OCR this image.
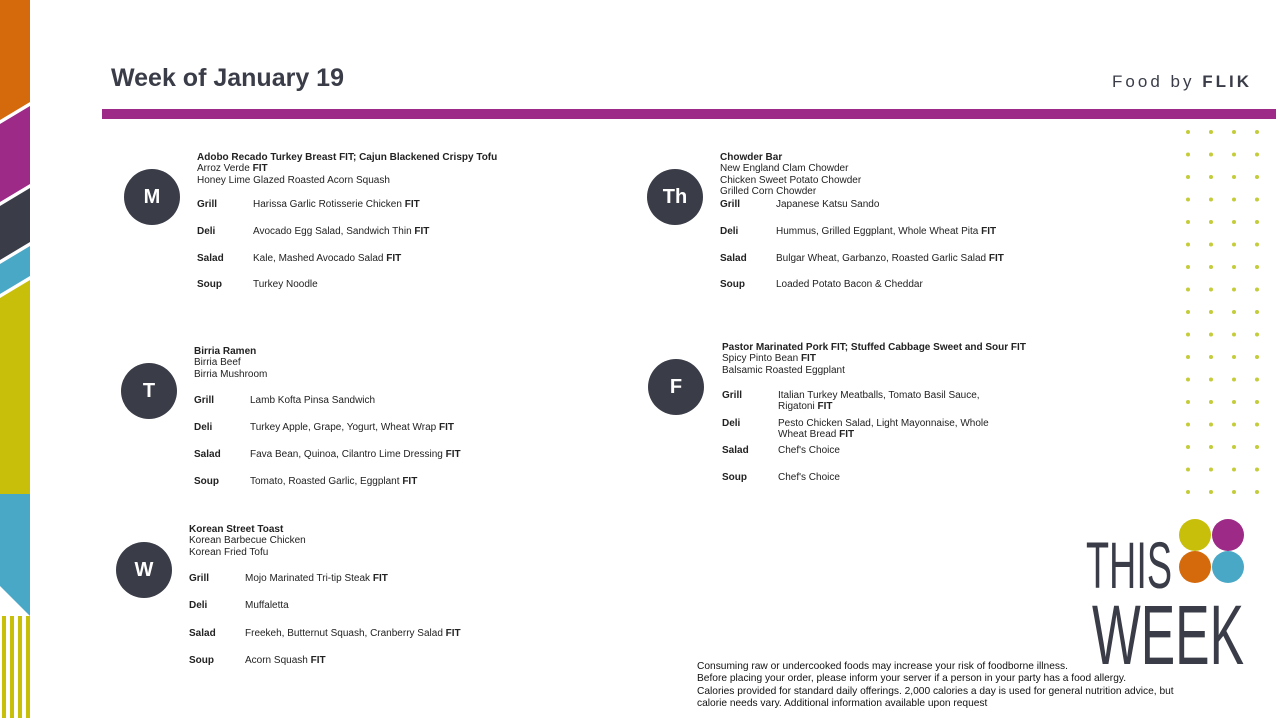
Week of January 19	Food by FLIK
M
Adobo Recado Turkey Breast FIT; Cajun Blackened Crispy Tofu
Arroz Verde FIT
Honey Lime Glazed Roasted Acorn Squash
Grill	Harissa Garlic Rotisserie Chicken FIT
Deli	Avocado Egg Salad, Sandwich Thin FIT
Salad	Kale, Mashed Avocado Salad FIT
Soup	Turkey Noodle
T
Birria Ramen
Birria Beef
Birria Mushroom
Grill	Lamb Kofta Pinsa Sandwich
Deli	Turkey Apple, Grape, Yogurt, Wheat Wrap FIT
Salad	Fava Bean, Quinoa, Cilantro Lime Dressing FIT
Soup	Tomato, Roasted Garlic, Eggplant FIT
W
Korean Street Toast
Korean Barbecue Chicken
Korean Fried Tofu
Grill	Mojo Marinated Tri-tip Steak FIT
Deli	Muffaletta
Salad	Freekeh, Butternut Squash, Cranberry Salad FIT
Soup	Acorn Squash FIT
Th
Chowder Bar
New England Clam Chowder
Chicken Sweet Potato Chowder
Grilled Corn Chowder
Grill	Japanese Katsu Sando
Deli	Hummus, Grilled Eggplant, Whole Wheat Pita FIT
Salad	Bulgar Wheat, Garbanzo, Roasted Garlic Salad FIT
Soup	Loaded Potato Bacon & Cheddar
F
Pastor Marinated Pork FIT; Stuffed Cabbage Sweet and Sour FIT
Spicy Pinto Bean FIT
Balsamic Roasted Eggplant
Grill	Italian Turkey Meatballs, Tomato Basil Sauce, Rigatoni FIT
Deli	Pesto Chicken Salad, Light Mayonnaise, Whole Wheat Bread FIT
Salad	Chef's Choice
Soup	Chef's Choice
THIS
WEEK
Consuming raw or undercooked foods may increase your risk of foodborne illness.
Before placing your order, please inform your server if a person in your party has a food allergy.
Calories provided for standard daily offerings. 2,000 calories a day is used for general nutrition advice, but
calorie needs vary. Additional information available upon request
